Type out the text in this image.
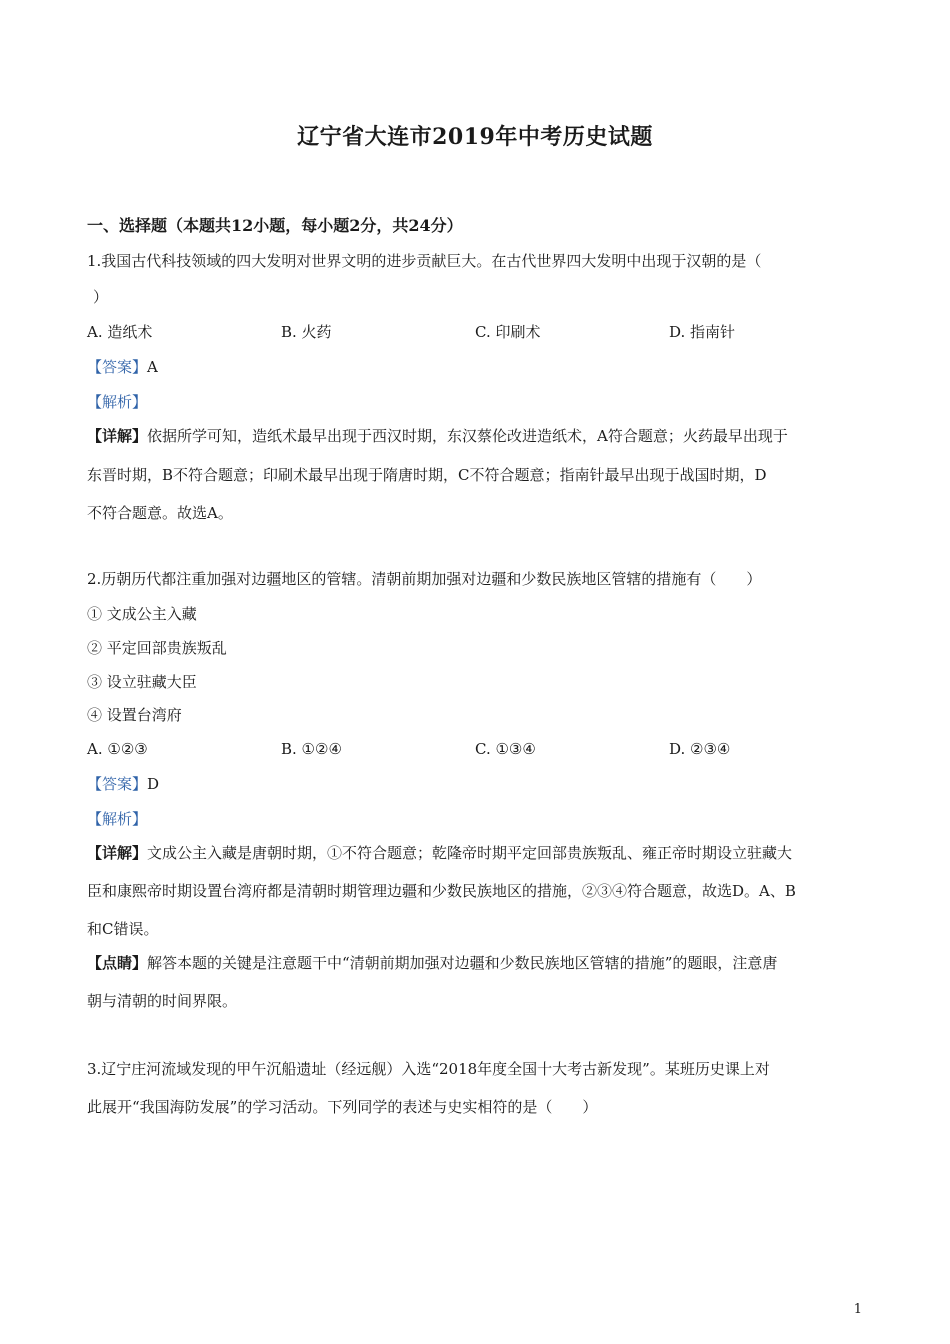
辽宁省大连市2019年中考历史试题
一、选择题（本题共12小题，每小题2分，共24分）
1.我国古代科技领域的四大发明对世界文明的进步贡献巨大。在古代世界四大发明中出现于汉朝的是（
）
A. 造纸术	B. 火药	C. 印刷术	D. 指南针
【答案】A
【解析】
【详解】依据所学可知，造纸术最早出现于西汉时期，东汉蔡伦改进造纸术，A符合题意；火药最早出现于
东晋时期，B不符合题意；印刷术最早出现于隋唐时期，C不符合题意；指南针最早出现于战国时期，D
不符合题意。故选A。
2.历朝历代都注重加强对边疆地区的管辖。清朝前期加强对边疆和少数民族地区管辖的措施有（　　）
① 文成公主入藏
② 平定回部贵族叛乱
③ 设立驻藏大臣
④ 设置台湾府
A. ①②③	B. ①②④	C. ①③④	D. ②③④
【答案】D
【解析】
【详解】文成公主入藏是唐朝时期，①不符合题意；乾隆帝时期平定回部贵族叛乱、雍正帝时期设立驻藏大
臣和康熙帝时期设置台湾府都是清朝时期管理边疆和少数民族地区的措施，②③④符合题意，故选D。A、B
和C错误。
【点睛】解答本题的关键是注意题干中“清朝前期加强对边疆和少数民族地区管辖的措施”的题眼，注意唐
朝与清朝的时间界限。
3.辽宁庄河流域发现的甲午沉船遗址（经远舰）入选“2018年度全国十大考古新发现”。某班历史课上对
此展开“我国海防发展”的学习活动。下列同学的表述与史实相符的是（　　）
1
